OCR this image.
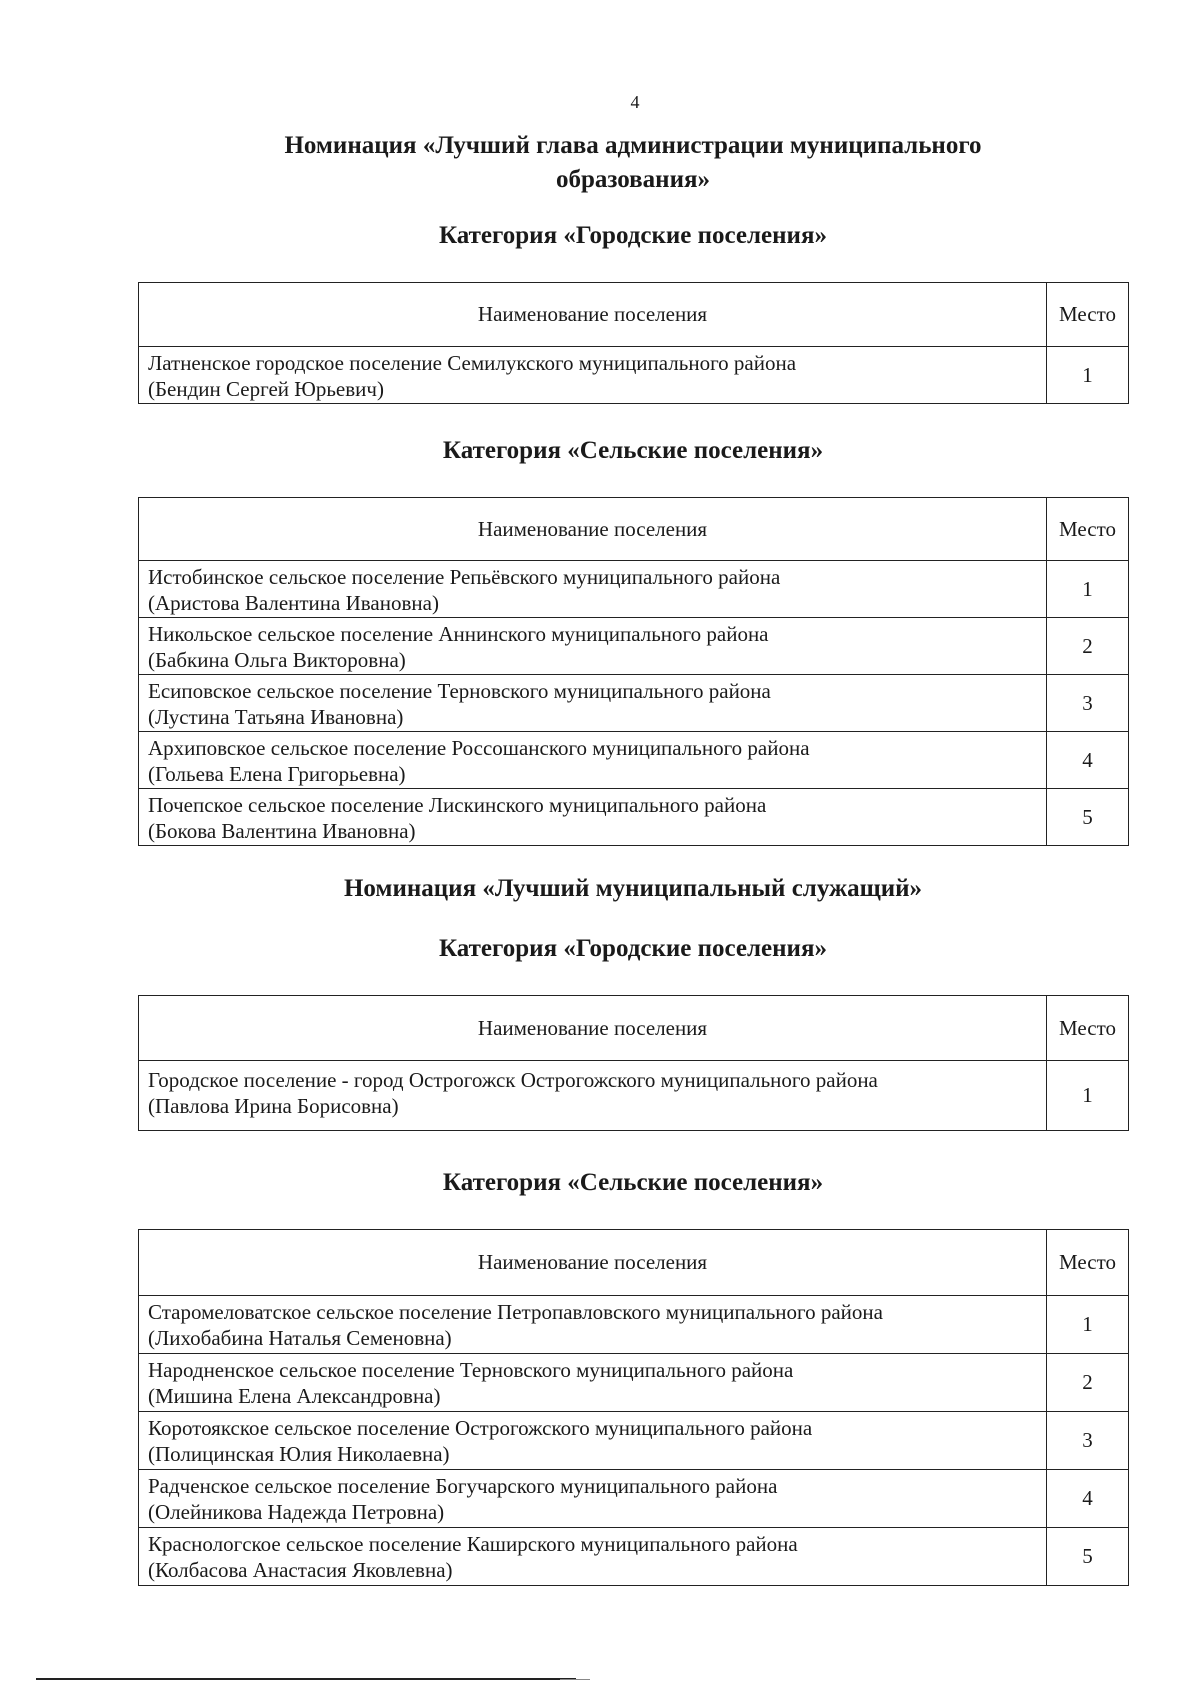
4
Номинация «Лучший глава администрации муниципального образования»
Категория «Городские поселения»
Наименование поселения	Место

Латненское городское поселение Семилукского муниципального района
(Бендин Сергей Юрьевич)	1
Категория «Сельские поселения»
Наименование поселения	Место

Истобинское сельское поселение Репьёвского муниципального района
(Аристова Валентина Ивановна)	1

Никольское сельское поселение Аннинского муниципального района
(Бабкина Ольга Викторовна)	2

Есиповское сельское поселение Терновского муниципального района
(Лустина Татьяна Ивановна)	3

Архиповское сельское поселение Россошанского муниципального района
(Гольева Елена Григорьевна)	4

Почепское сельское поселение Лискинского муниципального района
(Бокова Валентина Ивановна)	5
Номинация «Лучший муниципальный служащий»
Категория «Городские поселения»
Наименование поселения	Место

Городское поселение - город Острогожск Острогожского муниципального района
(Павлова Ирина Борисовна)	1
Категория «Сельские поселения»
Наименование поселения	Место

Старомеловатское сельское поселение Петропавловского муниципального района
(Лихобабина Наталья Семеновна)	1

Народненское сельское поселение Терновского муниципального района
(Мишина Елена Александровна)	2

Коротоякское сельское поселение Острогожского муниципального района
(Полицинская Юлия Николаевна)	3

Радченское сельское поселение Богучарского муниципального района
(Олейникова Надежда Петровна)	4

Краснологское сельское поселение Каширского муниципального района
(Колбасова Анастасия Яковлевна)	5
